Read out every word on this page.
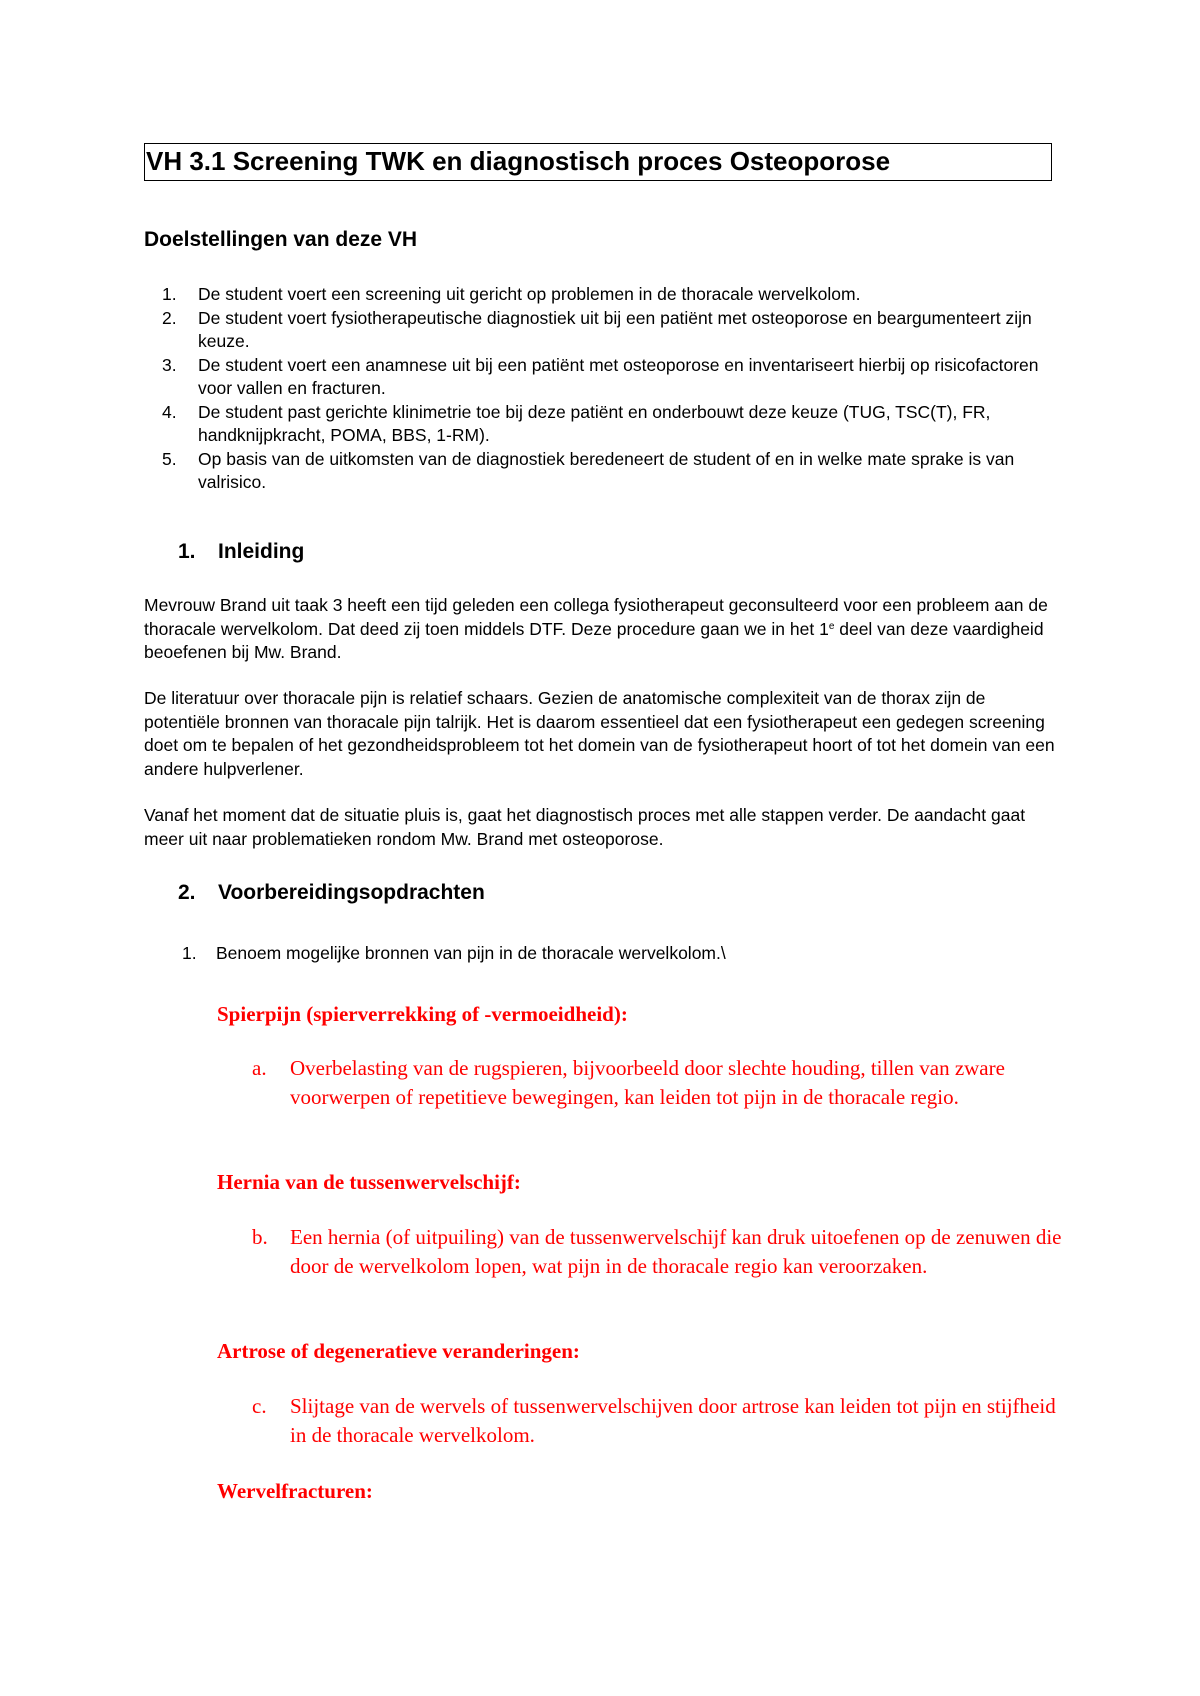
VH 3.1 Screening TWK en diagnostisch proces Osteoporose
Doelstellingen van deze VH
1. De student voert een screening uit gericht op problemen in de thoracale wervelkolom.
2. De student voert fysiotherapeutische diagnostiek uit bij een patiënt met osteoporose en beargumenteert zijn keuze.
3. De student voert een anamnese uit bij een patiënt met osteoporose en inventariseert hierbij op risicofactoren voor vallen en fracturen.
4. De student past gerichte klinimetrie toe bij deze patiënt en onderbouwt deze keuze (TUG, TSC(T), FR, handknijpkracht, POMA, BBS, 1-RM).
5. Op basis van de uitkomsten van de diagnostiek beredeneert de student of en in welke mate sprake is van valrisico.
1. Inleiding
Mevrouw Brand uit taak 3 heeft een tijd geleden een collega fysiotherapeut geconsulteerd voor een probleem aan de thoracale wervelkolom. Dat deed zij toen middels DTF. Deze procedure gaan we in het 1e deel van deze vaardigheid beoefenen bij Mw. Brand.
De literatuur over thoracale pijn is relatief schaars. Gezien de anatomische complexiteit van de thorax zijn de potentiële bronnen van thoracale pijn talrijk. Het is daarom essentieel dat een fysiotherapeut een gedegen screening doet om te bepalen of het gezondheidsprobleem tot het domein van de fysiotherapeut hoort of tot het domein van een andere hulpverlener.
Vanaf het moment dat de situatie pluis is, gaat het diagnostisch proces met alle stappen verder. De aandacht gaat meer uit naar problematieken rondom Mw. Brand met osteoporose.
2. Voorbereidingsopdrachten
1. Benoem mogelijke bronnen van pijn in de thoracale wervelkolom.\
Spierpijn (spierverrekking of -vermoeidheid):
a. Overbelasting van de rugspieren, bijvoorbeeld door slechte houding, tillen van zware voorwerpen of repetitieve bewegingen, kan leiden tot pijn in de thoracale regio.
Hernia van de tussenwervelschijf:
b. Een hernia (of uitpuiling) van de tussenwervelschijf kan druk uitoefenen op de zenuwen die door de wervelkolom lopen, wat pijn in de thoracale regio kan veroorzaken.
Artrose of degeneratieve veranderingen:
c. Slijtage van de wervels of tussenwervelschijven door artrose kan leiden tot pijn en stijfheid in de thoracale wervelkolom.
Wervelfracturen:
